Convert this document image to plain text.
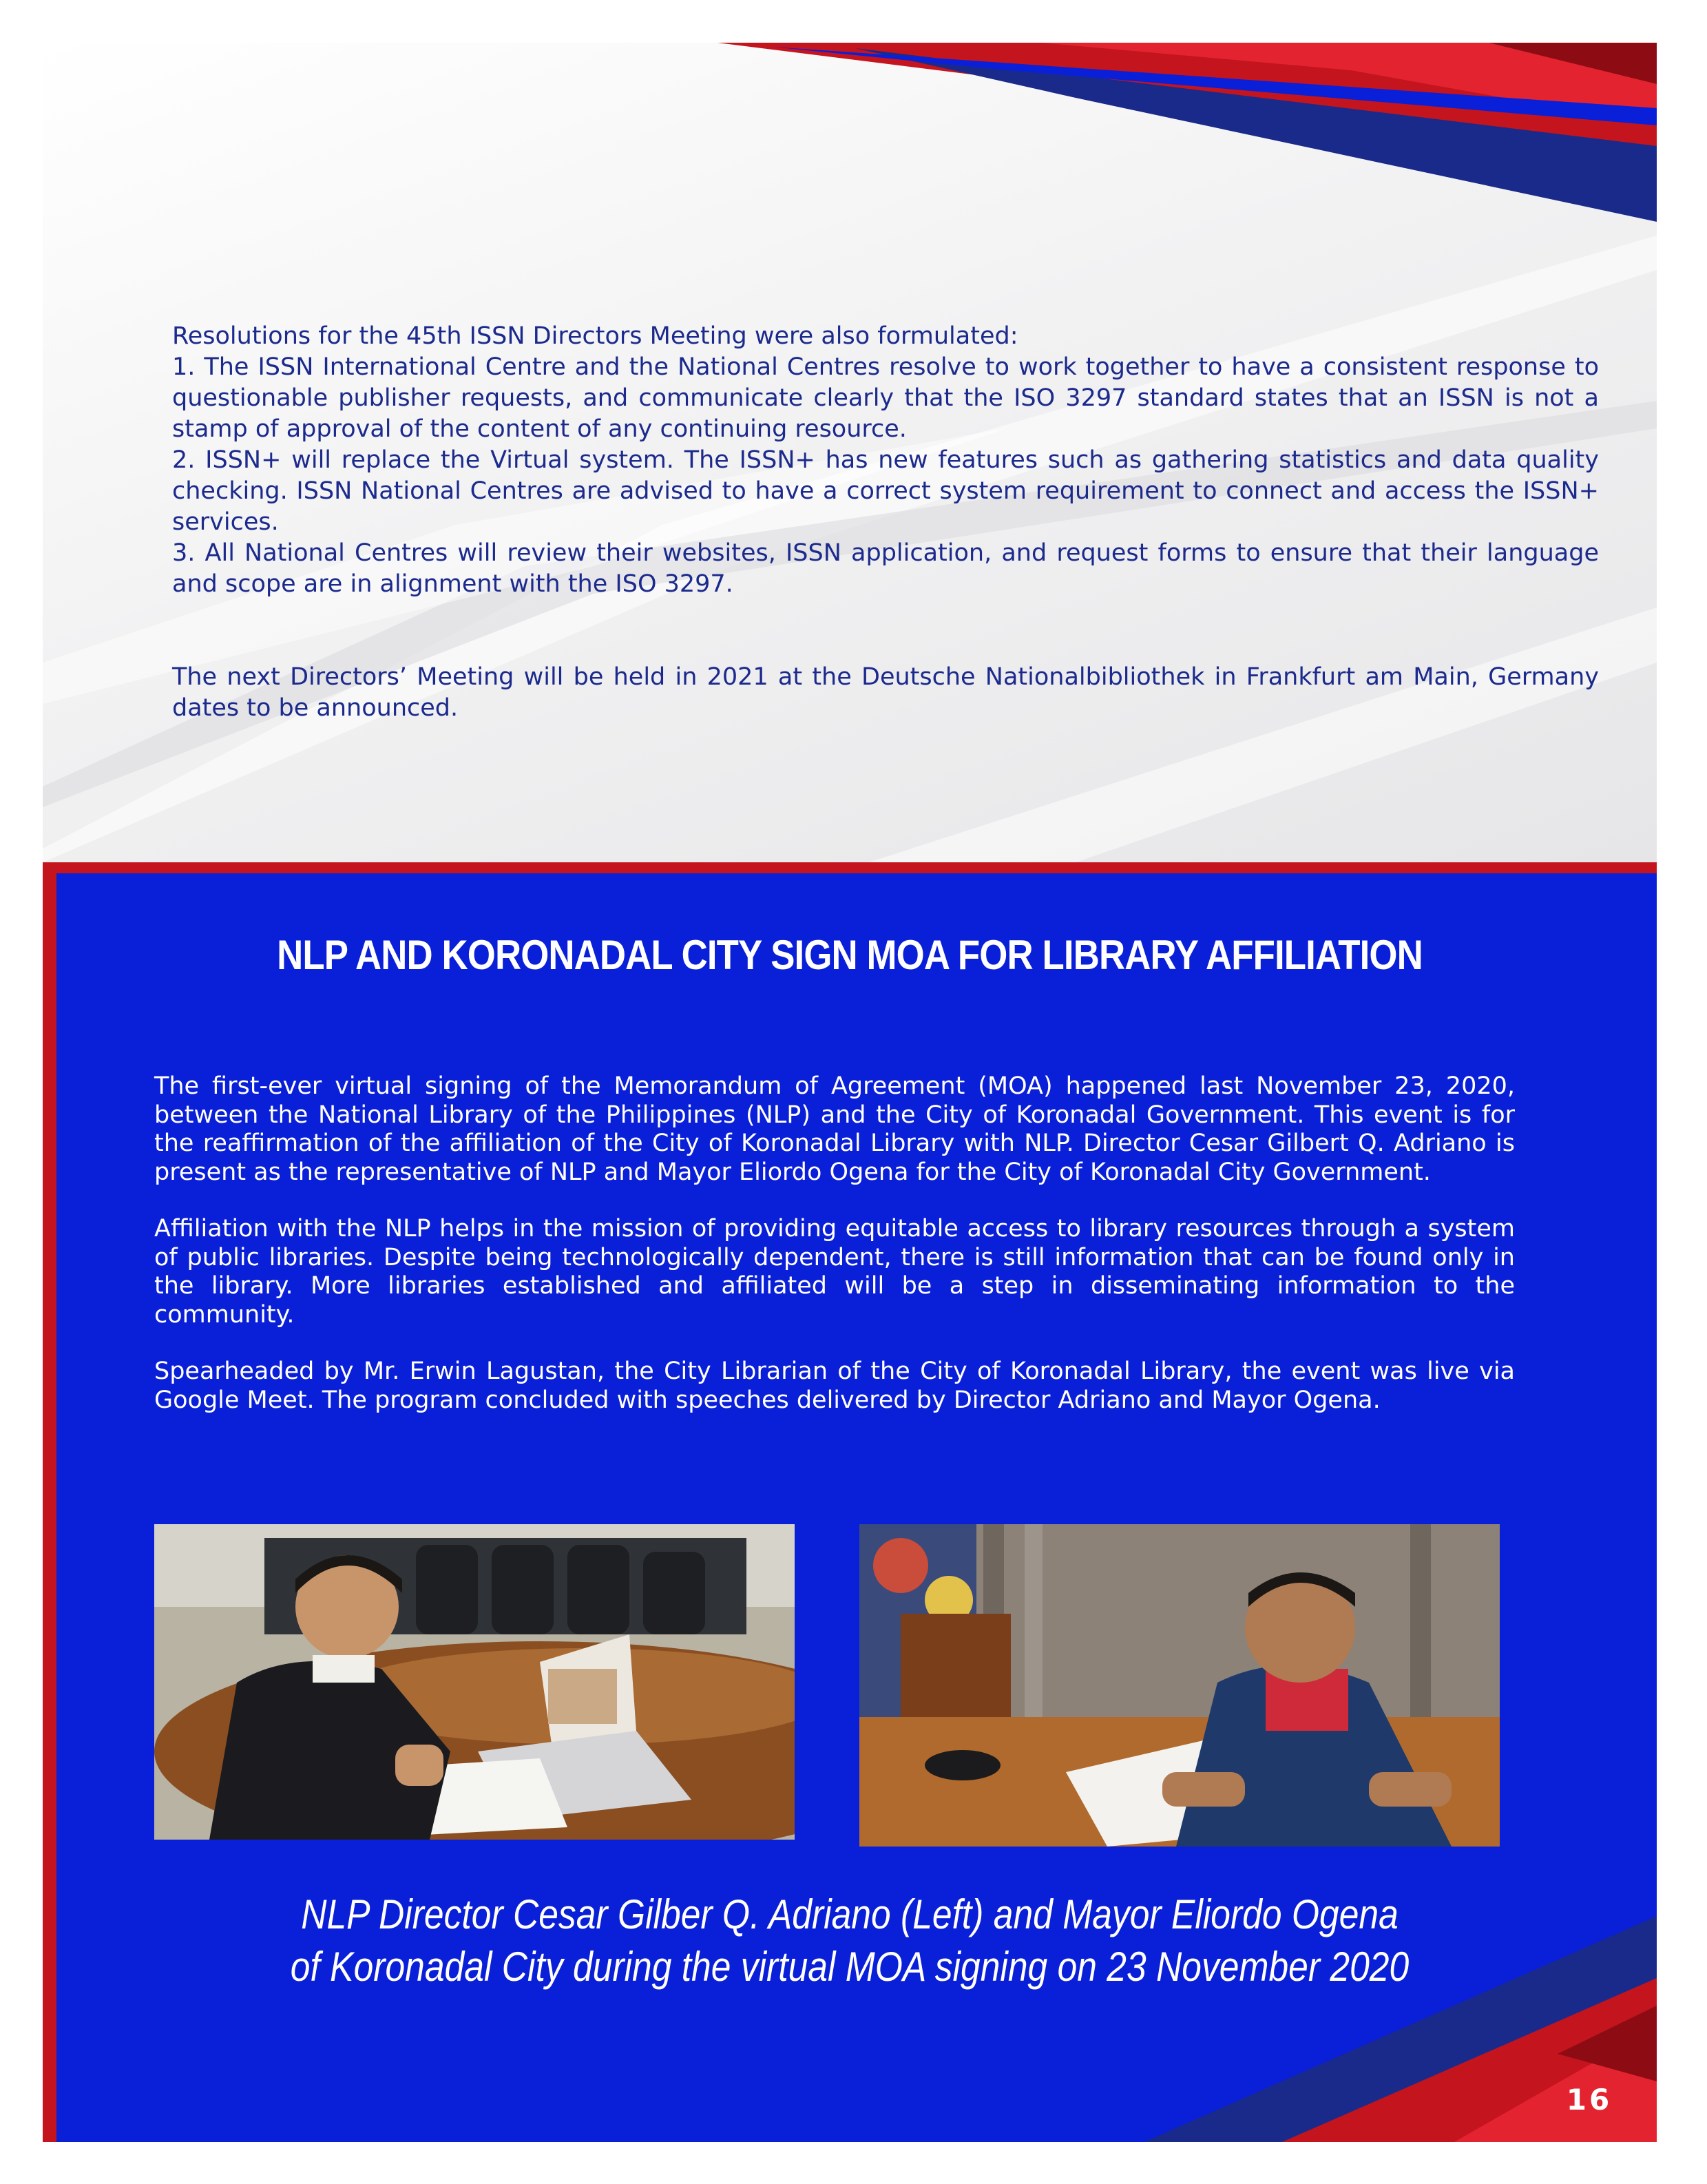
Resolutions for the 45th ISSN Directors Meeting were also formulated:

1. The ISSN International Centre and the National Centres resolve to work together to have a consistent response to questionable publisher requests, and communicate clearly that the ISO 3297 standard states that an ISSN is not a stamp of approval of the content of any continuing resource.

2. ISSN+ will replace the Virtual system. The ISSN+ has new features such as gathering statistics and data quality checking. ISSN National Centres are advised to have a correct system requirement to connect and access the ISSN+ services.

3. All National Centres will review their websites, ISSN application, and request forms to ensure that their language and scope are in alignment with the ISO 3297.

The next Directors’ Meeting will be held in 2021 at the Deutsche Nationalbibliothek in Frankfurt am Main, Germany dates to be announced.

NLP AND KORONADAL CITY SIGN MOA FOR LIBRARY AFFILIATION

The first-ever virtual signing of the Memorandum of Agreement (MOA) happened last November 23, 2020, between the National Library of the Philippines (NLP) and the City of Koronadal Government. This event is for the reaffirmation of the affiliation of the City of Koronadal Library with NLP. Director Cesar Gilbert Q. Adriano is present as the representative of NLP and Mayor Eliordo Ogena for the City of Koronadal City Government.

Affiliation with the NLP helps in the mission of providing equitable access to library resources through a system of public libraries. Despite being technologically dependent, there is still information that can be found only in the library. More libraries established and affiliated will be a step in disseminating information to the community.

Spearheaded by Mr. Erwin Lagustan, the City Librarian of the City of Koronadal Library, the event was live via Google Meet. The program concluded with speeches delivered by Director Adriano and Mayor Ogena.

NLP Director Cesar Gilber Q. Adriano (Left) and Mayor Eliordo Ogena
of Koronadal City during the virtual MOA signing on 23 November 2020
16
